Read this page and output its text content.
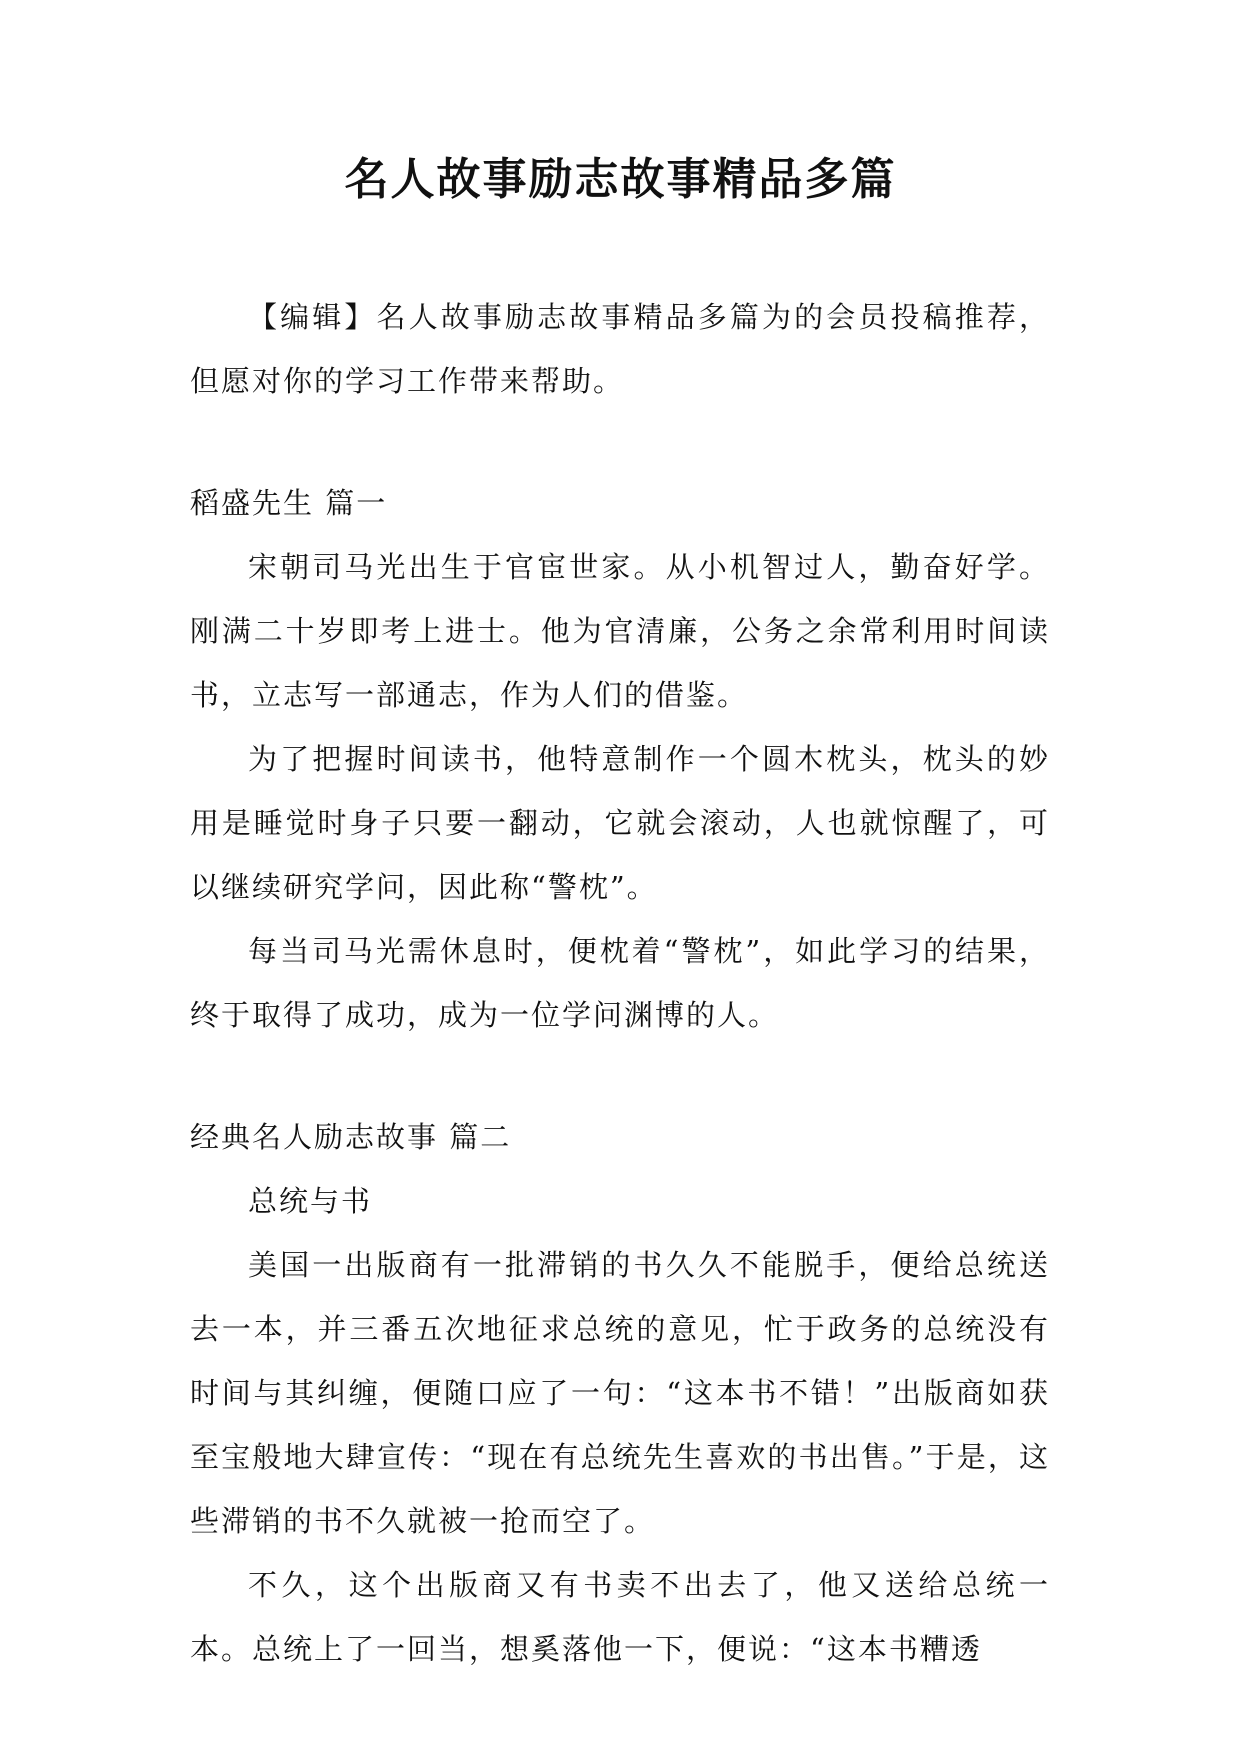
名人故事励志故事精品多篇

【编辑】名人故事励志故事精品多篇为的会员投稿推荐，但愿对你的学习工作带来帮助。

稻盛先生 篇一

宋朝司马光出生于官宦世家。从小机智过人，勤奋好学。刚满二十岁即考上进士。他为官清廉，公务之余常利用时间读书，立志写一部通志，作为人们的借鉴。

为了把握时间读书，他特意制作一个圆木枕头，枕头的妙用是睡觉时身子只要一翻动，它就会滚动，人也就惊醒了，可以继续研究学问，因此称“警枕”。

每当司马光需休息时，便枕着“警枕”，如此学习的结果，终于取得了成功，成为一位学问渊博的人。

经典名人励志故事 篇二

总统与书

美国一出版商有一批滞销的书久久不能脱手，便给总统送去一本，并三番五次地征求总统的意见，忙于政务的总统没有时间与其纠缠，便随口应了一句：“这本书不错！”出版商如获至宝般地大肆宣传：“现在有总统先生喜欢的书出售。”于是，这些滞销的书不久就被一抢而空了。

不久，这个出版商又有书卖不出去了，他又送给总统一本。总统上了一回当，想奚落他一下，便说：“这本书糟透
